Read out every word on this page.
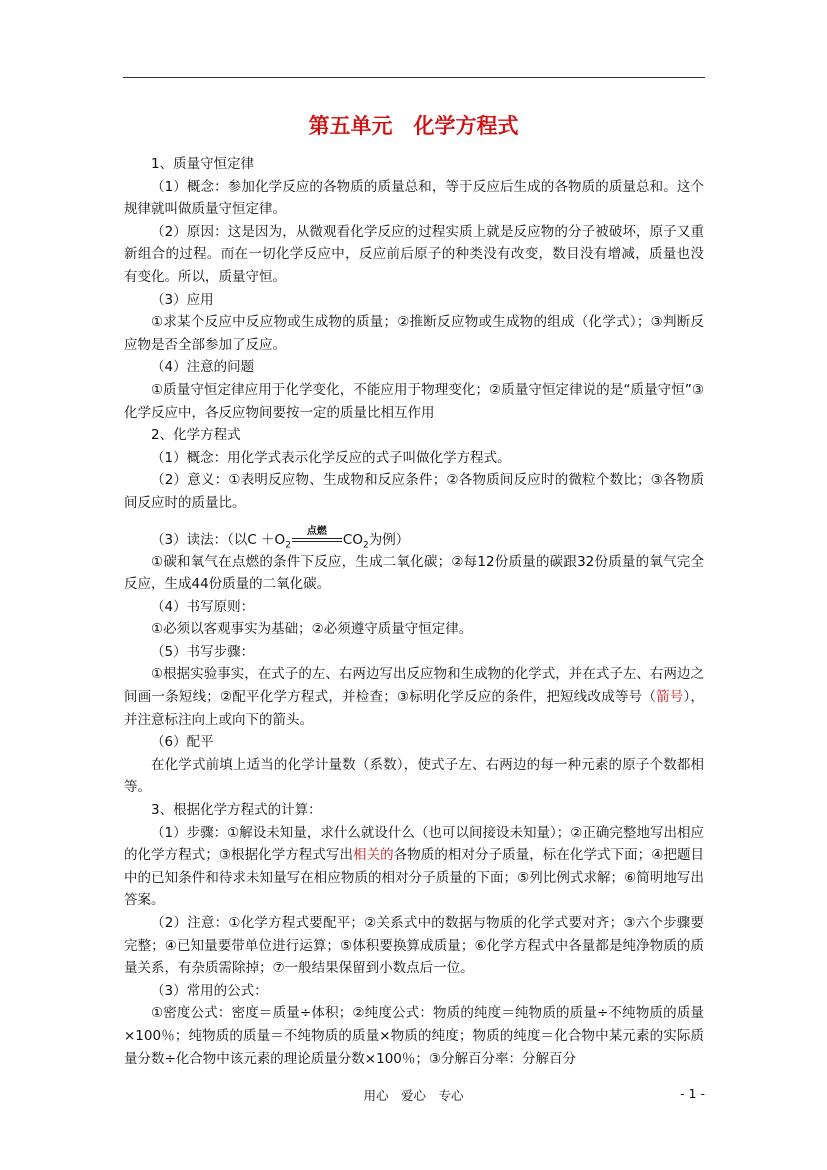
第五单元　化学方程式

1、质量守恒定律

（1）概念：参加化学反应的各物质的质量总和，等于反应后生成的各物质的质量总和。这个规律就叫做质量守恒定律。

（2）原因：这是因为，从微观看化学反应的过程实质上就是反应物的分子被破坏，原子又重新组合的过程。而在一切化学反应中，反应前后原子的种类没有改变，数目没有增减，质量也没有变化。所以，质量守恒。

（3）应用

①求某个反应中反应物或生成物的质量；②推断反应物或生成物的组成（化学式）；③判断反应物是否全部参加了反应。

（4）注意的问题

①质量守恒定律应用于化学变化，不能应用于物理变化；②质量守恒定律说的是“质量守恒”③化学反应中，各反应物间要按一定的质量比相互作用

2、化学方程式

（1）概念：用化学式表示化学反应的式子叫做化学方程式。

（2）意义：①表明反应物、生成物和反应条件；②各物质间反应时的微粒个数比；③各物质间反应时的质量比。

（3）读法：（以$C +O_2$
点燃
$CO_2$为例）

①碳和氧气在点燃的条件下反应，生成二氧化碳；②每12份质量的碳跟32份质量的氧气完全反应，生成44份质量的二氧化碳。

（4）书写原则：

①必须以客观事实为基础；②必须遵守质量守恒定律。

（5）书写步骤：

①根据实验事实，在式子的左、右两边写出反应物和生成物的化学式，并在式子左、右两边之间画一条短线；②配平化学方程式，并检查；③标明化学反应的条件，把短线改成等号（箭号），并注意标注向上或向下的箭头。

（6）配平

在化学式前填上适当的化学计量数（系数），使式子左、右两边的每一种元素的原子个数都相等。

3、根据化学方程式的计算：

（1）步骤：①解设未知量，求什么就设什么（也可以间接设未知量）；②正确完整地写出相应的化学方程式；③根据化学方程式写出相关的各物质的相对分子质量，标在化学式下面；④把题目中的已知条件和待求未知量写在相应物质的相对分子质量的下面；⑤列比例式求解；⑥简明地写出答案。

（2）注意：①化学方程式要配平；②关系式中的数据与物质的化学式要对齐；③六个步骤要完整；④已知量要带单位进行运算；⑤体积要换算成质量；⑥化学方程式中各量都是纯净物质的质量关系，有杂质需除掉；⑦一般结果保留到小数点后一位。

（3）常用的公式：

①密度公式：密度＝质量÷体积；②纯度公式：物质的纯度＝纯物质的质量÷不纯物质的质量×100％；纯物质的质量＝不纯物质的质量×物质的纯度；物质的纯度＝化合物中某元素的实际质量分数÷化合物中该元素的理论质量分数×100％；③分解百分率：分解百分

用心　爱心　专心	- 1 -
